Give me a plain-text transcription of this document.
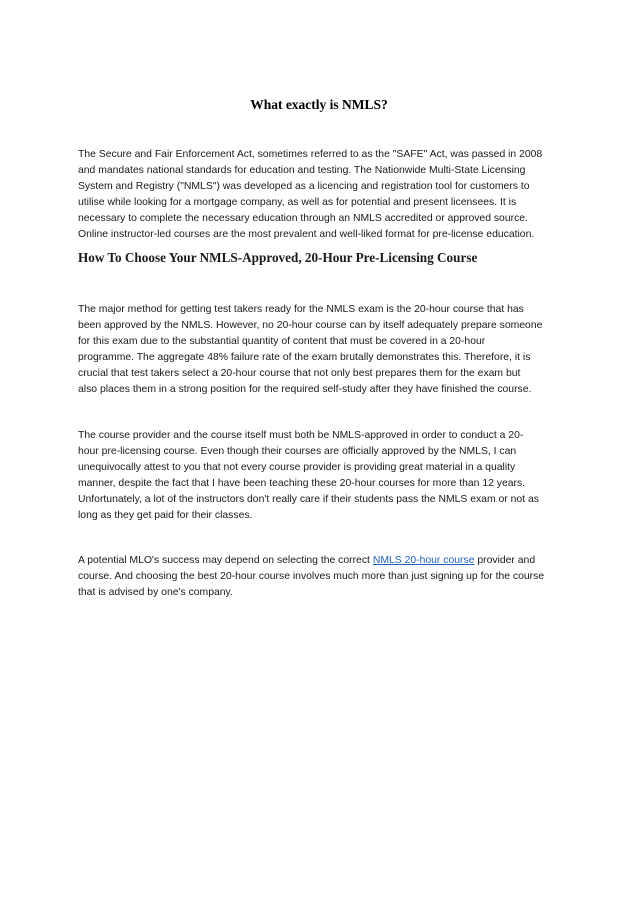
What exactly is NMLS?

The Secure and Fair Enforcement Act, sometimes referred to as the "SAFE" Act, was passed in 2008
and mandates national standards for education and testing. The Nationwide Multi-State Licensing
System and Registry ("NMLS") was developed as a licencing and registration tool for customers to
utilise while looking for a mortgage company, as well as for potential and present licensees. It is
necessary to complete the necessary education through an NMLS accredited or approved source.
Online instructor-led courses are the most prevalent and well-liked format for pre-license education.

How To Choose Your NMLS-Approved, 20-Hour Pre-Licensing Course

The major method for getting test takers ready for the NMLS exam is the 20-hour course that has
been approved by the NMLS. However, no 20-hour course can by itself adequately prepare someone
for this exam due to the substantial quantity of content that must be covered in a 20-hour
programme. The aggregate 48% failure rate of the exam brutally demonstrates this. Therefore, it is
crucial that test takers select a 20-hour course that not only best prepares them for the exam but
also places them in a strong position for the required self-study after they have finished the course.

The course provider and the course itself must both be NMLS-approved in order to conduct a 20-
hour pre-licensing course. Even though their courses are officially approved by the NMLS, I can
unequivocally attest to you that not every course provider is providing great material in a quality
manner, despite the fact that I have been teaching these 20-hour courses for more than 12 years.
Unfortunately, a lot of the instructors don't really care if their students pass the NMLS exam or not as
long as they get paid for their classes.

A potential MLO's success may depend on selecting the correct NMLS 20-hour course provider and
course. And choosing the best 20-hour course involves much more than just signing up for the course
that is advised by one's company.
